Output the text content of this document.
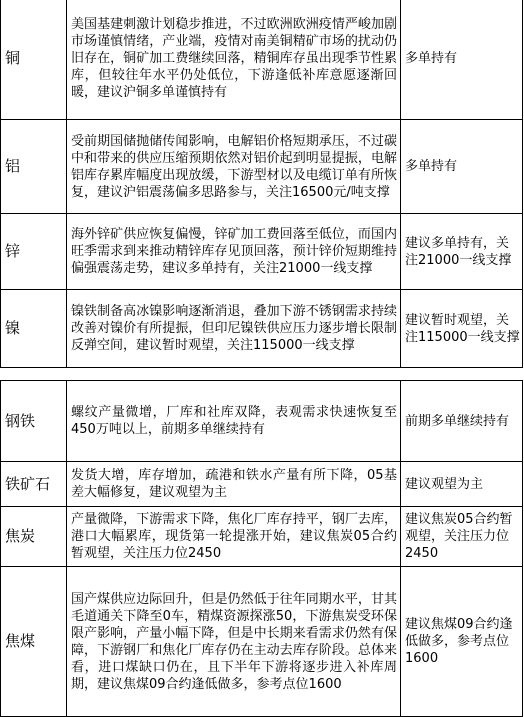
铜	美国基建刺激计划稳步推进，不过欧洲欧洲疫情严峻加剧市场谨慎情绪，产业端，疫情对南美铜精矿市场的扰动仍旧存在，铜矿加工费继续回落，精铜库存虽出现季节性累库，但较往年水平仍处低位，下游逢低补库意愿逐渐回暖，建议沪铜多单谨慎持有	多单持有
铝	受前期国储抛储传闻影响，电解铝价格短期承压，不过碳中和带来的供应压缩预期依然对铝价起到明显提振，电解铝库存累库幅度出现放缓，下游型材以及电缆订单有所恢复，建议沪铝震荡偏多思路参与，关注16500元/吨支撑	多单持有
锌	海外锌矿供应恢复偏慢，锌矿加工费回落至低位，而国内旺季需求到来推动精锌库存见顶回落，预计锌价短期维持偏强震荡走势，建议多单持有，关注21000一线支撑	建议多单持有，关注21000一线支撑
镍	镍铁制备高冰镍影响逐渐消退，叠加下游不锈钢需求持续改善对镍价有所提振，但印尼镍铁供应压力逐步增长限制反弹空间，建议暂时观望，关注115000一线支撑	建议暂时观望，关注115000一线支撑
钢铁	螺纹产量微增，厂库和社库双降，表观需求快速恢复至450万吨以上，前期多单继续持有	前期多单继续持有
铁矿石	发货大增，库存增加，疏港和铁水产量有所下降，05基差大幅修复，建议观望为主	建议观望为主
焦炭	产量微降，下游需求下降，焦化厂库存持平，钢厂去库，港口大幅累库，现货第一轮提涨开始，建议焦炭05合约暂观望，关注压力位2450	建议焦炭05合约暂观望，关注压力位2450
焦煤	国产煤供应边际回升，但是仍然低于往年同期水平，甘其毛道通关下降至0车，精煤资源探涨50，下游焦炭受环保限产影响，产量小幅下降，但是中长期来看需求仍然有保障，下游钢厂和焦化厂库存仍在主动去库存阶段。总体来看，进口煤缺口仍在，且下半年下游将逐步进入补库周期，建议焦煤09合约逢低做多，参考点位1600	建议焦煤09合约逢低做多，参考点位1600
